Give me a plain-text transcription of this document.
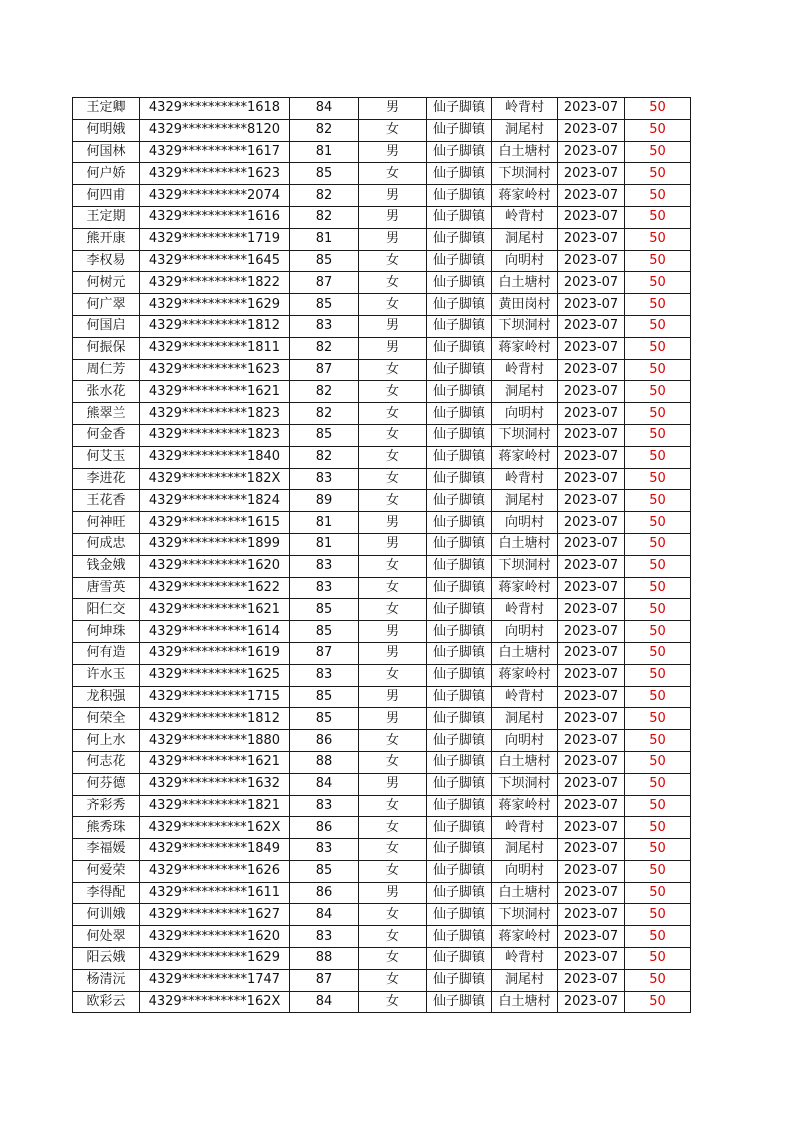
王定卿	4329**********1618	84	男	仙子脚镇	岭背村	2023-07	50
何明娥	4329**********8120	82	女	仙子脚镇	洞尾村	2023-07	50
何国林	4329**********1617	81	男	仙子脚镇	白土塘村	2023-07	50
何户娇	4329**********1623	85	女	仙子脚镇	下坝洞村	2023-07	50
何四甫	4329**********2074	82	男	仙子脚镇	蒋家岭村	2023-07	50
王定期	4329**********1616	82	男	仙子脚镇	岭背村	2023-07	50
熊开康	4329**********1719	81	男	仙子脚镇	洞尾村	2023-07	50
李权易	4329**********1645	85	女	仙子脚镇	向明村	2023-07	50
何树元	4329**********1822	87	女	仙子脚镇	白土塘村	2023-07	50
何广翠	4329**********1629	85	女	仙子脚镇	黄田岗村	2023-07	50
何国启	4329**********1812	83	男	仙子脚镇	下坝洞村	2023-07	50
何振保	4329**********1811	82	男	仙子脚镇	蒋家岭村	2023-07	50
周仁芳	4329**********1623	87	女	仙子脚镇	岭背村	2023-07	50
张水花	4329**********1621	82	女	仙子脚镇	洞尾村	2023-07	50
熊翠兰	4329**********1823	82	女	仙子脚镇	向明村	2023-07	50
何金香	4329**********1823	85	女	仙子脚镇	下坝洞村	2023-07	50
何艾玉	4329**********1840	82	女	仙子脚镇	蒋家岭村	2023-07	50
李进花	4329**********182X	83	女	仙子脚镇	岭背村	2023-07	50
王花香	4329**********1824	89	女	仙子脚镇	洞尾村	2023-07	50
何神旺	4329**********1615	81	男	仙子脚镇	向明村	2023-07	50
何成忠	4329**********1899	81	男	仙子脚镇	白土塘村	2023-07	50
钱金娥	4329**********1620	83	女	仙子脚镇	下坝洞村	2023-07	50
唐雪英	4329**********1622	83	女	仙子脚镇	蒋家岭村	2023-07	50
阳仁交	4329**********1621	85	女	仙子脚镇	岭背村	2023-07	50
何坤珠	4329**********1614	85	男	仙子脚镇	向明村	2023-07	50
何有造	4329**********1619	87	男	仙子脚镇	白土塘村	2023-07	50
许水玉	4329**********1625	83	女	仙子脚镇	蒋家岭村	2023-07	50
龙积强	4329**********1715	85	男	仙子脚镇	岭背村	2023-07	50
何荣全	4329**********1812	85	男	仙子脚镇	洞尾村	2023-07	50
何上水	4329**********1880	86	女	仙子脚镇	向明村	2023-07	50
何志花	4329**********1621	88	女	仙子脚镇	白土塘村	2023-07	50
何芬德	4329**********1632	84	男	仙子脚镇	下坝洞村	2023-07	50
齐彩秀	4329**********1821	83	女	仙子脚镇	蒋家岭村	2023-07	50
熊秀珠	4329**********162X	86	女	仙子脚镇	岭背村	2023-07	50
李福媛	4329**********1849	83	女	仙子脚镇	洞尾村	2023-07	50
何爱荣	4329**********1626	85	女	仙子脚镇	向明村	2023-07	50
李得配	4329**********1611	86	男	仙子脚镇	白土塘村	2023-07	50
何训娥	4329**********1627	84	女	仙子脚镇	下坝洞村	2023-07	50
何处翠	4329**********1620	83	女	仙子脚镇	蒋家岭村	2023-07	50
阳云娥	4329**********1629	88	女	仙子脚镇	岭背村	2023-07	50
杨清沅	4329**********1747	87	女	仙子脚镇	洞尾村	2023-07	50
欧彩云	4329**********162X	84	女	仙子脚镇	白土塘村	2023-07	50
